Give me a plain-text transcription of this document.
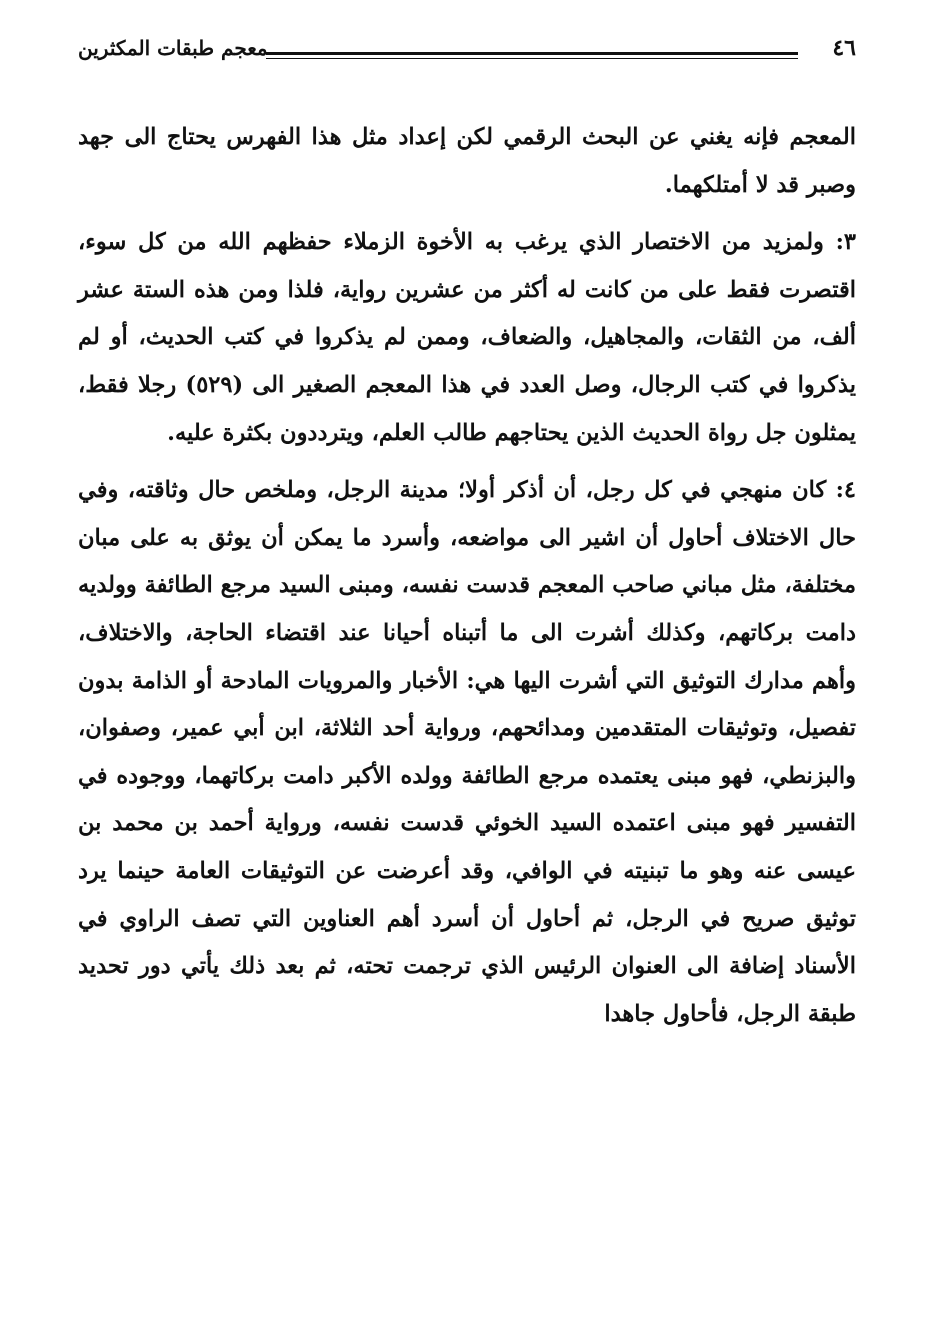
٤٦
معجم طبقات المكثرين

المعجم فإنه يغني عن البحث الرقمي لكن إعداد مثل هذا الفهرس يحتاج الى جهد وصبر قد لا أمتلكهما.

٣: ولمزيد من الاختصار الذي يرغب به الأخوة الزملاء حفظهم الله من كل سوء، اقتصرت فقط على من كانت له أكثر من عشرين رواية، فلذا ومن هذه الستة عشر ألف، من الثقات، والمجاهيل، والضعاف، وممن لم يذكروا في كتب الحديث، أو لم يذكروا في كتب الرجال، وصل العدد في هذا المعجم الصغير الى (٥٢٩) رجلا فقط، يمثلون جل رواة الحديث الذين يحتاجهم طالب العلم، ويترددون بكثرة عليه.

٤: كان منهجي في كل رجل، أن أذكر أولا؛ مدينة الرجل، وملخص حال وثاقته، وفي حال الاختلاف أحاول أن اشير الى مواضعه، وأسرد ما يمكن أن يوثق به على مبان مختلفة، مثل مباني صاحب المعجم قدست نفسه، ومبنى السيد مرجع الطائفة وولديه دامت بركاتهم، وكذلك أشرت الى ما أتبناه أحيانا عند اقتضاء الحاجة، والاختلاف، وأهم مدارك التوثيق التي أشرت اليها هي: الأخبار والمرويات المادحة أو الذامة بدون تفصيل، وتوثيقات المتقدمين ومدائحهم، ورواية أحد الثلاثة، ابن أبي عمير، وصفوان، والبزنطي، فهو مبنى يعتمده مرجع الطائفة وولده الأكبر دامت بركاتهما، ووجوده في التفسير فهو مبنى اعتمده السيد الخوئي قدست نفسه، ورواية أحمد بن محمد بن عيسى عنه وهو ما تبنيته في الوافي، وقد أعرضت عن التوثيقات العامة حينما يرد توثيق صريح في الرجل، ثم أحاول أن أسرد أهم العناوين التي تصف الراوي في الأسناد إضافة الى العنوان الرئيس الذي ترجمت تحته، ثم بعد ذلك يأتي دور تحديد طبقة الرجل، فأحاول جاهدا
